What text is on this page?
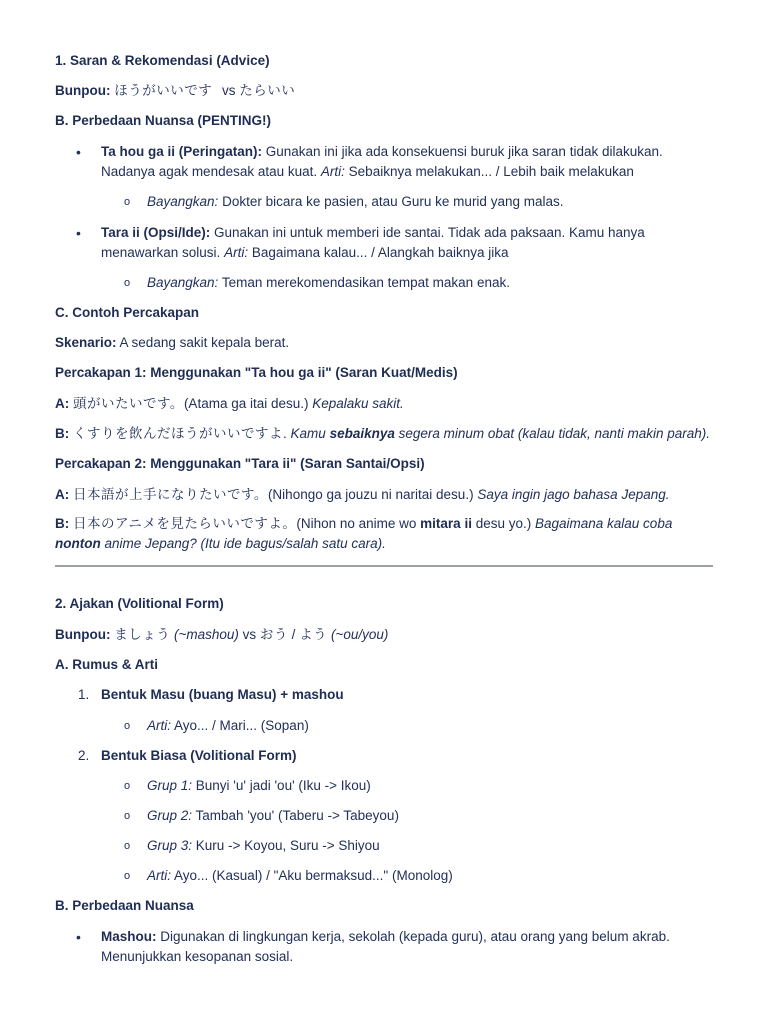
1. Saran & Rekomendasi (Advice)
Bunpou: ほうがいいです vs たらいい
B. Perbedaan Nuansa (PENTING!)
• Ta hou ga ii (Peringatan): Gunakan ini jika ada konsekuensi buruk jika saran tidak dilakukan. Nadanya agak mendesak atau kuat. Arti: Sebaiknya melakukan... / Lebih baik melakukan
o Bayangkan: Dokter bicara ke pasien, atau Guru ke murid yang malas.
• Tara ii (Opsi/Ide): Gunakan ini untuk memberi ide santai. Tidak ada paksaan. Kamu hanya menawarkan solusi. Arti: Bagaimana kalau... / Alangkah baiknya jika
o Bayangkan: Teman merekomendasikan tempat makan enak.
C. Contoh Percakapan
Skenario: A sedang sakit kepala berat.
Percakapan 1: Menggunakan "Ta hou ga ii" (Saran Kuat/Medis)
A: 頭がいたいです。(Atama ga itai desu.) Kepalaku sakit.
B: くすりを飲んだほうがいいですよ. Kamu sebaiknya segera minum obat (kalau tidak, nanti makin parah).
Percakapan 2: Menggunakan "Tara ii" (Saran Santai/Opsi)
A: 日本語が上手になりたいです。(Nihongo ga jouzu ni naritai desu.) Saya ingin jago bahasa Jepang.
B: 日本のアニメを見たらいいですよ。(Nihon no anime wo mitara ii desu yo.) Bagaimana kalau coba nonton anime Jepang? (Itu ide bagus/salah satu cara).
2. Ajakan (Volitional Form)
Bunpou: ましょう (~mashou) vs おう / よう (~ou/you)
A. Rumus & Arti
1. Bentuk Masu (buang Masu) + mashou
o Arti: Ayo... / Mari... (Sopan)
2. Bentuk Biasa (Volitional Form)
o Grup 1: Bunyi 'u' jadi 'ou' (Iku -> Ikou)
o Grup 2: Tambah 'you' (Taberu -> Tabeyou)
o Grup 3: Kuru -> Koyou, Suru -> Shiyou
o Arti: Ayo... (Kasual) / "Aku bermaksud..." (Monolog)
B. Perbedaan Nuansa
• Mashou: Digunakan di lingkungan kerja, sekolah (kepada guru), atau orang yang belum akrab. Menunjukkan kesopanan sosial.
